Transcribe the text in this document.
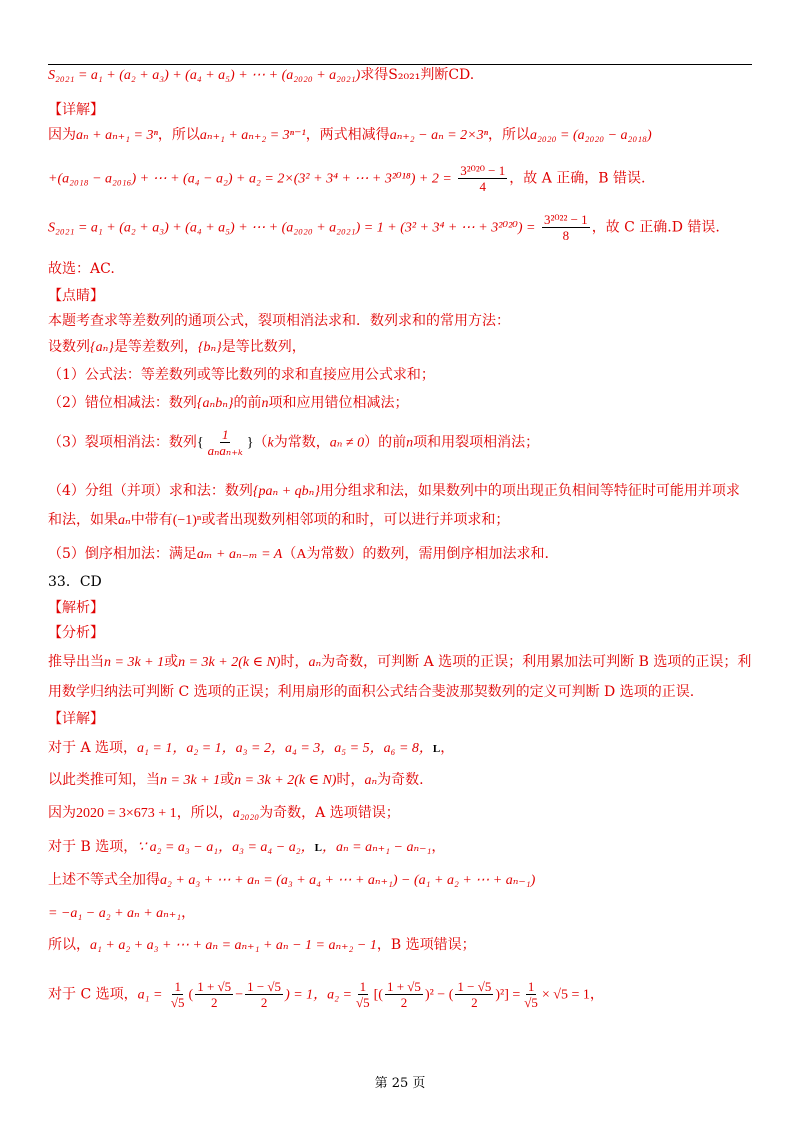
S₂₀₂₁ = a₁ + (a₂ + a₃) + (a₄ + a₅) + ⋯ + (a₂₀₂₀ + a₂₀₂₁)求得S₂₀₂₁判断CD.
【详解】
因为aₙ + aₙ₊₁ = 3ⁿ，所以aₙ₊₁ + aₙ₊₂ = 3ⁿ⁻¹，两式相减得aₙ₊₂ − aₙ = 2×3ⁿ，所以a₂₀₂₀ = (a₂₀₂₀ − a₂₀₁₈)
+(a₂₀₁₈ − a₂₀₁₆) + ⋯ + (a₄ − a₂) + a₂ = 2×(3² + 3⁴ + ⋯ + $3^{2018}) + 2 = \frac{\text{3²⁰²⁰ − 1}}{4}$ ，故 A 正确，B 错误.
S₂₀₂₁ = a₁ + (a₂ + a₃) + (a₄ + a₅) + ⋯ + (a₂₀₂₀ + a₂₀₂₁) = 1 + (3² + 3⁴ + ⋯ + $3^{2020}) = \frac{\text{3²⁰²² − 1}}{8}$ ，故 C 正确.D 错误.
故选：AC.
【点睛】
本题考查求等差数列的通项公式，裂项相消法求和．数列求和的常用方法：
设数列{aₙ}是等差数列，{bₙ}是等比数列，
（1）公式法：等差数列或等比数列的求和直接应用公式求和；
（2）错位相减法：数列{aₙbₙ}的前n项和应用错位相减法；
（3）裂项相消法：数列{ $\frac{1}{\text{aₙaₙ₊ₖ}} \}(k$为常数，aₙ ≠ 0）的前n项和用裂项相消法；
（4）分组（并项）求和法：数列{paₙ + qbₙ}用分组求和法，如果数列中的项出现正负相间等特征时可能用并项求
和法，如果aₙ中带有(−1)ⁿ或者出现数列相邻项的和时，可以进行并项求和；
（5）倒序相加法：满足aₘ + aₙ₋ₘ = A（A为常数）的数列，需用倒序相加法求和.
33．CD
【解析】
【分析】
推导出当n = 3k + 1或n = 3k + 2(k ∈ N)时，aₙ为奇数，可判断 A 选项的正误；利用累加法可判断 B 选项的正误；利
用数学归纳法可判断 C 选项的正误；利用扇形的面积公式结合斐波那契数列的定义可判断 D 选项的正误.
【详解】
对于 A 选项，a₁ = 1，a₂ = 1，a₃ = 2，a₄ = 3，a₅ = 5，a₆ = 8，L，
以此类推可知，当n = 3k + 1或n = 3k + 2(k ∈ N)时，aₙ为奇数.
因为2020 = 3×673 + 1，所以，a₂₀₂₀为奇数，A 选项错误；
对于 B 选项，∵ a₂ = a₃ − a₁，a₃ = a₄ − a₂，L，aₙ = aₙ₊₁ − aₙ₋₁，
上述不等式全加得a₂ + a₃ + ⋯ + aₙ = (a₃ + a₄ + ⋯ + aₙ₊₁) − (a₁ + a₂ + ⋯ + aₙ₋₁)
= −a₁ − a₂ + aₙ + aₙ₊₁，
所以，a₁ + a₂ + a₃ + ⋯ + aₙ = aₙ₊₁ + aₙ − 1 = aₙ₊₂ − 1，B 选项错误；
对于 C 选项，$a_1 = \frac{1}{√5}$ ( $\frac{1 + √5}{2} - \frac{1 - √5}{2}$ ) = 1，$a_2 = \frac{1}{√5}$ [( $\frac{1 + √5}{2} )^2$ − ( $\frac{1 - √5}{2} )^2] = \frac{1}{√5} \times √5 = 1$，
第 25 页
